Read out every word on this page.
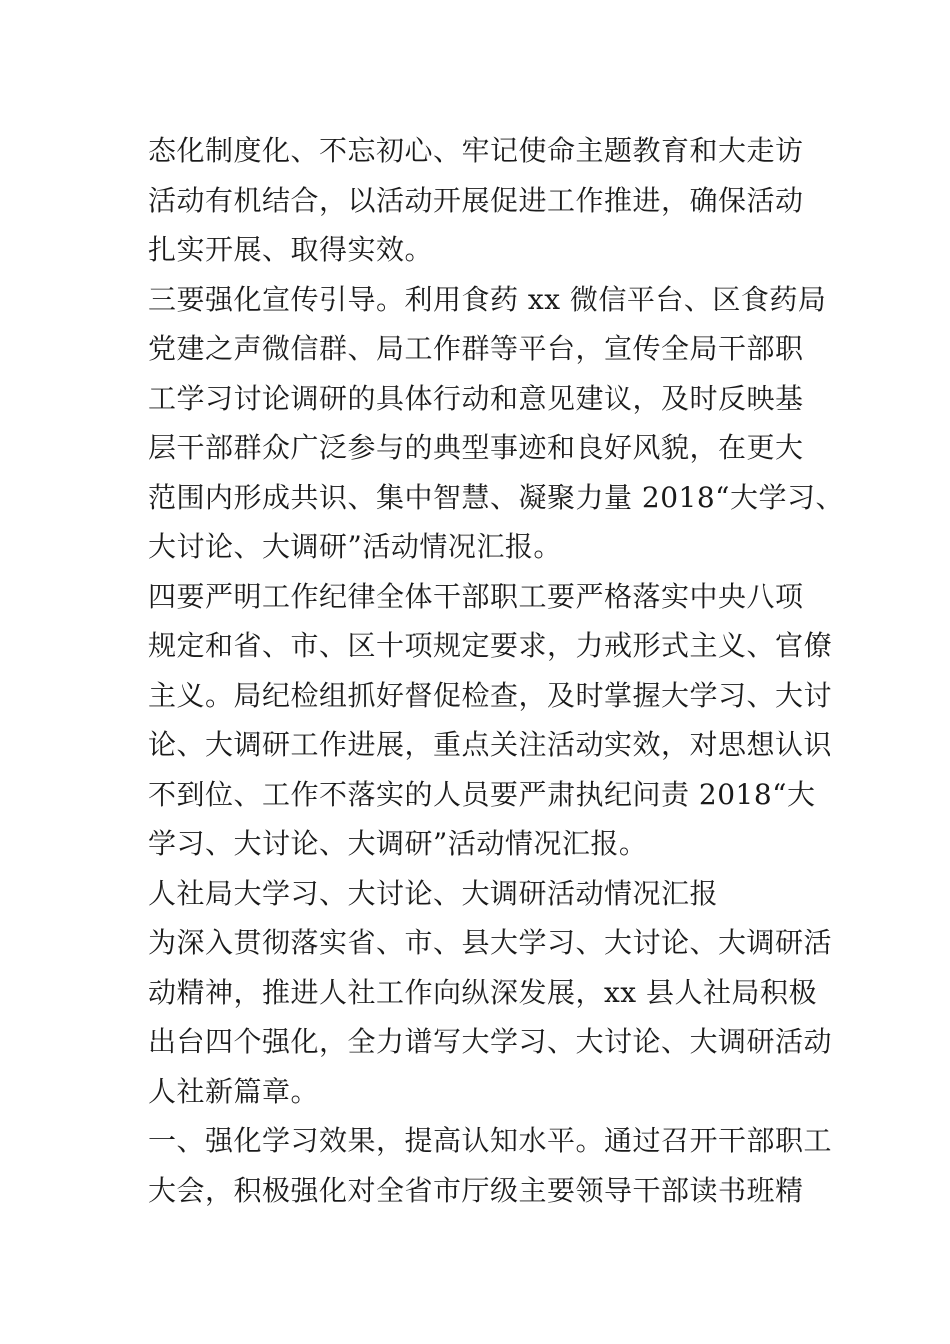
态化制度化、不忘初心、牢记使命主题教育和大走访
活动有机结合，以活动开展促进工作推进，确保活动
扎实开展、取得实效。
三要强化宣传引导。利用食药 xx 微信平台、区食药局
党建之声微信群、局工作群等平台，宣传全局干部职
工学习讨论调研的具体行动和意见建议，及时反映基
层干部群众广泛参与的典型事迹和良好风貌，在更大
范围内形成共识、集中智慧、凝聚力量 2018“大学习、
大讨论、大调研”活动情况汇报。
四要严明工作纪律全体干部职工要严格落实中央八项
规定和省、市、区十项规定要求，力戒形式主义、官僚
主义。局纪检组抓好督促检查，及时掌握大学习、大讨
论、大调研工作进展，重点关注活动实效，对思想认识
不到位、工作不落实的人员要严肃执纪问责 2018“大
学习、大讨论、大调研”活动情况汇报。
人社局大学习、大讨论、大调研活动情况汇报
为深入贯彻落实省、市、县大学习、大讨论、大调研活
动精神，推进人社工作向纵深发展，xx 县人社局积极
出台四个强化，全力谱写大学习、大讨论、大调研活动
人社新篇章。
一、强化学习效果，提高认知水平。通过召开干部职工
大会，积极强化对全省市厅级主要领导干部读书班精
